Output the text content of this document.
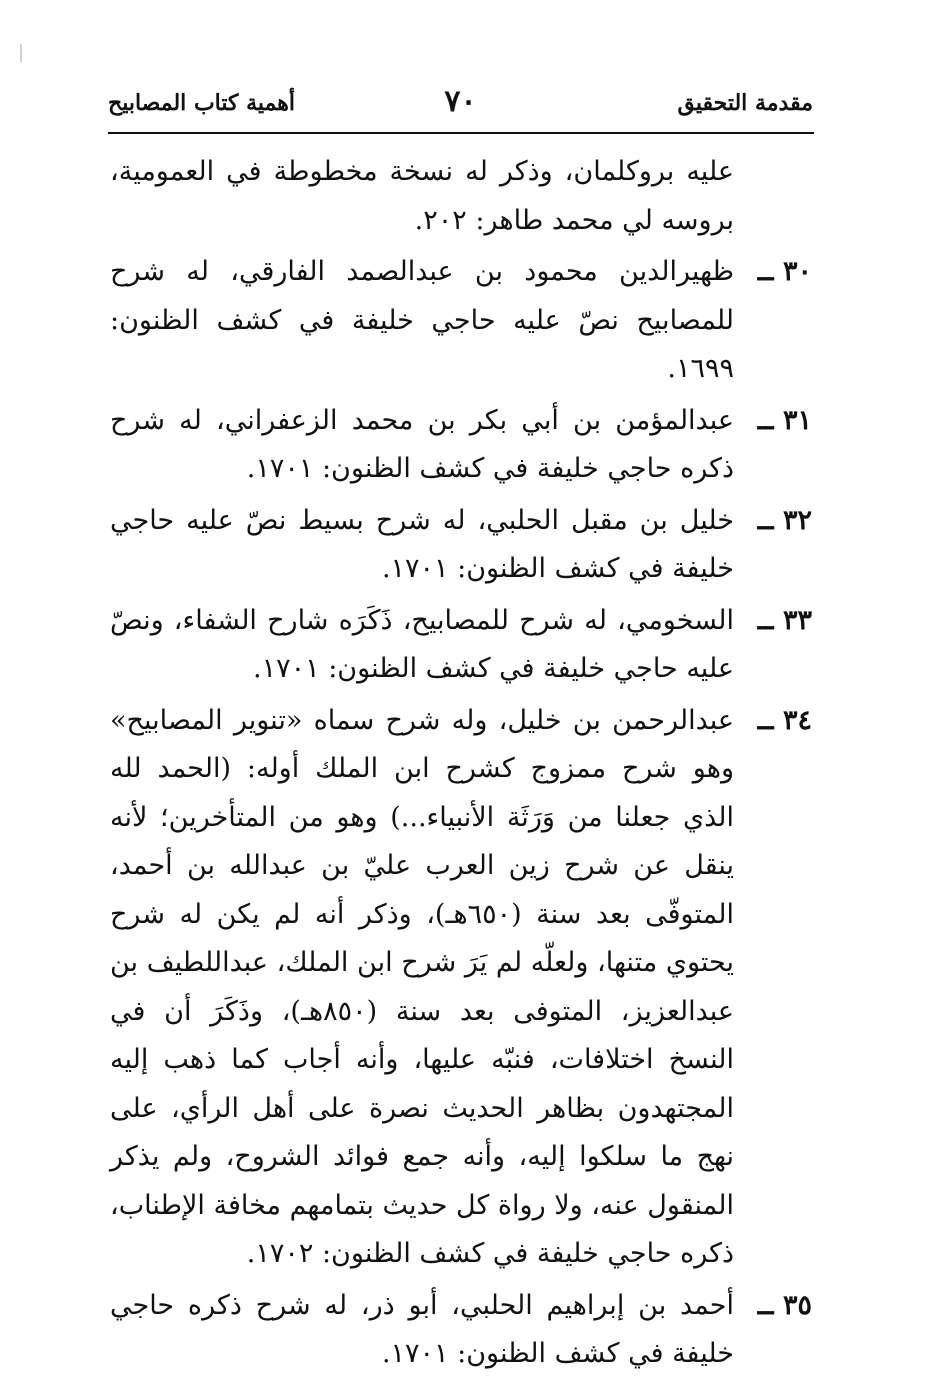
مقدمة التحقيق
٧٠
أهمية كتاب المصابيح

عليه بروكلمان، وذكر له نسخة مخطوطة في العمومية، بروسه لي محمد طاهر: ٢٠٢.

٣٠ ــ
ظهيرالدين محمود بن عبدالصمد الفارقي، له شرح للمصابيح نصّ عليه حاجي خليفة في كشف الظنون: ١٦٩٩.
٣١ ــ
عبدالمؤمن بن أبي بكر بن محمد الزعفراني، له شرح ذكره حاجي خليفة في كشف الظنون: ١٧٠١.
٣٢ ــ
خليل بن مقبل الحلبي، له شرح بسيط نصّ عليه حاجي خليفة في كشف الظنون: ١٧٠١.
٣٣ ــ
السخومي، له شرح للمصابيح، ذَكَرَه شارح الشفاء، ونصّ عليه حاجي خليفة في كشف الظنون: ١٧٠١.
٣٤ ــ
عبدالرحمن بن خليل، وله شرح سماه «تنوير المصابيح» وهو شرح ممزوج كشرح ابن الملك أوله: (الحمد لله الذي جعلنا من وَرَثَة الأنبياء...) وهو من المتأخرين؛ لأنه ينقل عن شرح زين العرب عليّ بن عبدالله بن أحمد، المتوفّى بعد سنة (٦٥٠هـ)، وذكر أنه لم يكن له شرح يحتوي متنها، ولعلّه لم يَرَ شرح ابن الملك، عبداللطيف بن عبدالعزيز، المتوفى بعد سنة (٨٥٠هـ)، وذَكَرَ أن في النسخ اختلافات، فنبّه عليها، وأنه أجاب كما ذهب إليه المجتهدون بظاهر الحديث نصرة على أهل الرأي، على نهج ما سلكوا إليه، وأنه جمع فوائد الشروح، ولم يذكر المنقول عنه، ولا رواة كل حديث بتمامهم مخافة الإطناب، ذكره حاجي خليفة في كشف الظنون: ١٧٠٢.
٣٥ ــ
أحمد بن إبراهيم الحلبي، أبو ذر، له شرح ذكره حاجي خليفة في كشف الظنون: ١٧٠١.
